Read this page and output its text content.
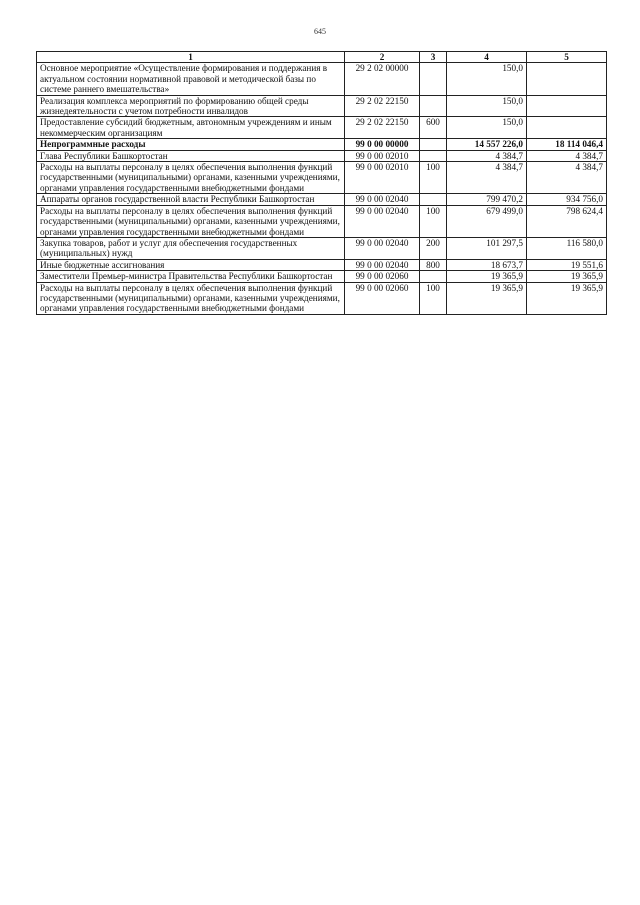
645
1	2	3	4	5
Основное мероприятие «Осуществление формирования и поддержания в актуальном состоянии нормативной правовой и методической базы по системе раннего вмешательства»	29 2 02 00000		150,0	
Реализация комплекса мероприятий по формированию общей среды жизнедеятельности с учетом потребности инвалидов	29 2 02 22150		150,0	
Предоставление субсидий бюджетным, автономным учреждениям и иным некоммерческим организациям	29 2 02 22150	600	150,0	
Непрограммные расходы	99 0 00 00000		14 557 226,0	18 114 046,4
Глава Республики Башкортостан	99 0 00 02010		4 384,7	4 384,7
Расходы на выплаты персоналу в целях обеспечения выполнения функций государственными (муниципальными) органами, казенными учреждениями, органами управления государственными внебюджетными фондами	99 0 00 02010	100	4 384,7	4 384,7
Аппараты органов государственной власти Республики Башкортостан	99 0 00 02040		799 470,2	934 756,0
Расходы на выплаты персоналу в целях обеспечения выполнения функций государственными (муниципальными) органами, казенными учреждениями, органами управления государственными внебюджетными фондами	99 0 00 02040	100	679 499,0	798 624,4
Закупка товаров, работ и услуг для обеспечения государственных (муниципальных) нужд	99 0 00 02040	200	101 297,5	116 580,0
Иные бюджетные ассигнования	99 0 00 02040	800	18 673,7	19 551,6
Заместители Премьер-министра Правительства Республики Башкортостан	99 0 00 02060		19 365,9	19 365,9
Расходы на выплаты персоналу в целях обеспечения выполнения функций государственными (муниципальными) органами, казенными учреждениями, органами управления государственными внебюджетными фондами	99 0 00 02060	100	19 365,9	19 365,9
